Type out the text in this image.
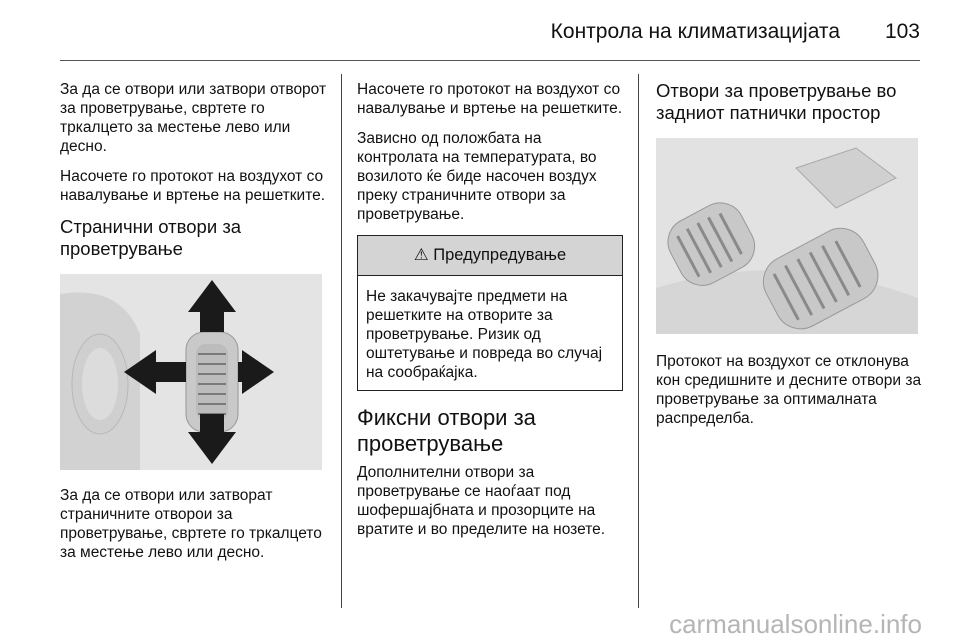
Контрола на климатизацијата 103

За да се отвори или затвори отворот за проветрување, свртете го тркалцето за местење лево или десно.

Насочете го протокот на воздухот со навалување и вртење на решетките.

Странични отвори за проветрување

За да се отвори или затворат страничните отворои за проветрување, свртете го тркалцето за местење лево или десно.

Насочете го протокот на воздухот со навалување и вртење на решетките.

Зависно од положбата на контролата на температурата, во возилото ќе биде насочен воздух преку страничните отвори за проветрување.

⚠ Предупредување
Не закачувајте предмети на решетките на отворите за проветрување. Ризик од оштетување и повреда во случај на сообраќајка.
Фиксни отвори за проветрување

Дополнителни отвори за проветрување се наоѓаат под шофершајбната и прозорците на вратите и во пределите на нозете.

Отвори за проветрување во задниот патнички простор

Протокот на воздухот се отклонува кон средишните и десните отвори за проветрување за оптималната распределба.

carmanualsonline.info
